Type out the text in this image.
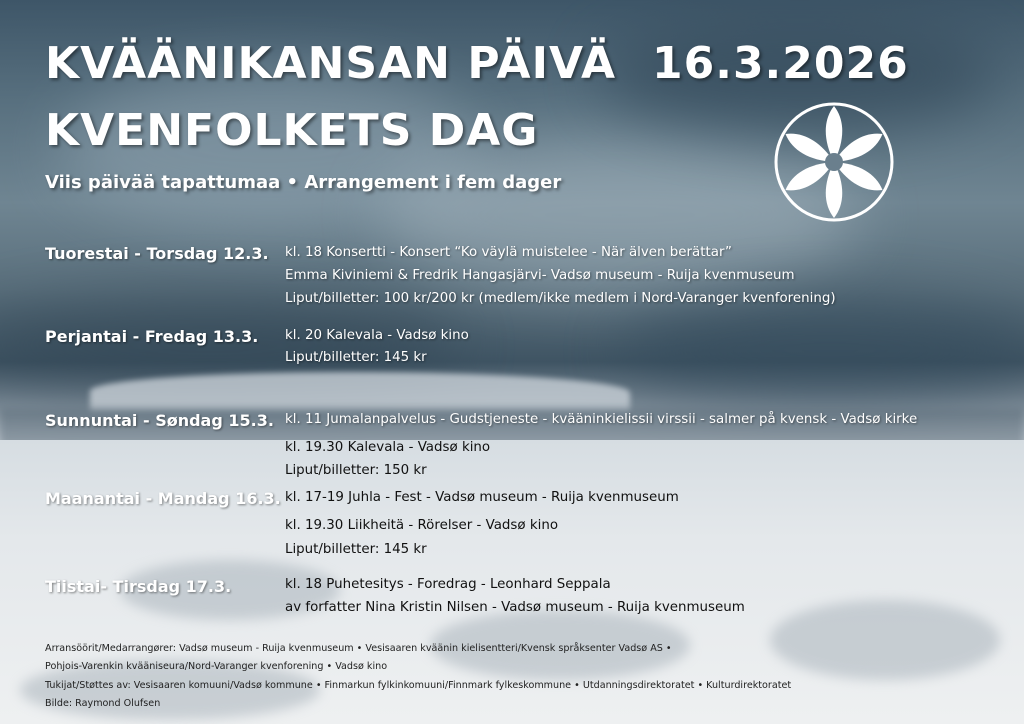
KVÄÄNIKANSAN PÄIVÄ
KVENFOLKETS DAG
16.3.2026
Viis päivää tapattumaa • Arrangement i fem dager
Tuorestai - Torsdag 12.3. kl. 18 Konsertti - Konsert “Ko väylä muistelee - När älven berättar”
Emma Kiviniemi & Fredrik Hangasjärvi- Vadsø museum - Ruija kvenmuseum
Liput/billetter: 100 kr/200 kr (medlem/ikke medlem i Nord-Varanger kvenforening)
Perjantai - Fredag 13.3. kl. 20 Kalevala - Vadsø kino
Liput/billetter: 145 kr
Sunnuntai - Søndag 15.3. kl. 11 Jumalanpalvelus - Gudstjeneste - kvääninkielissii virssii - salmer på kvensk - Vadsø kirke
kl. 19.30 Kalevala - Vadsø kino
Liput/billetter: 150 kr
Maanantai - Mandag 16.3. kl. 17-19 Juhla - Fest - Vadsø museum - Ruija kvenmuseum
kl. 19.30 Liikheitä - Rörelser - Vadsø kino
Liput/billetter: 145 kr
Tiistai- Tirsdag 17.3.	kl. 18 Puhetesitys - Foredrag - Leonhard Seppala
av forfatter Nina Kristin Nilsen - Vadsø museum - Ruija kvenmuseum
Arransöörit/Medarrangører: Vadsø museum - Ruija kvenmuseum • Vesisaaren kväänin kielisentteri/Kvensk språksenter Vadsø AS •
Pohjois-Varenkin kvääniseura/Nord-Varanger kvenforening • Vadsø kino
Tukijat/Støttes av: Vesisaaren komuuni/Vadsø kommune • Finmarkun fylkinkomuuni/Finnmark fylkeskommune • Utdanningsdirektoratet • Kulturdirektoratet
Bilde: Raymond Olufsen
